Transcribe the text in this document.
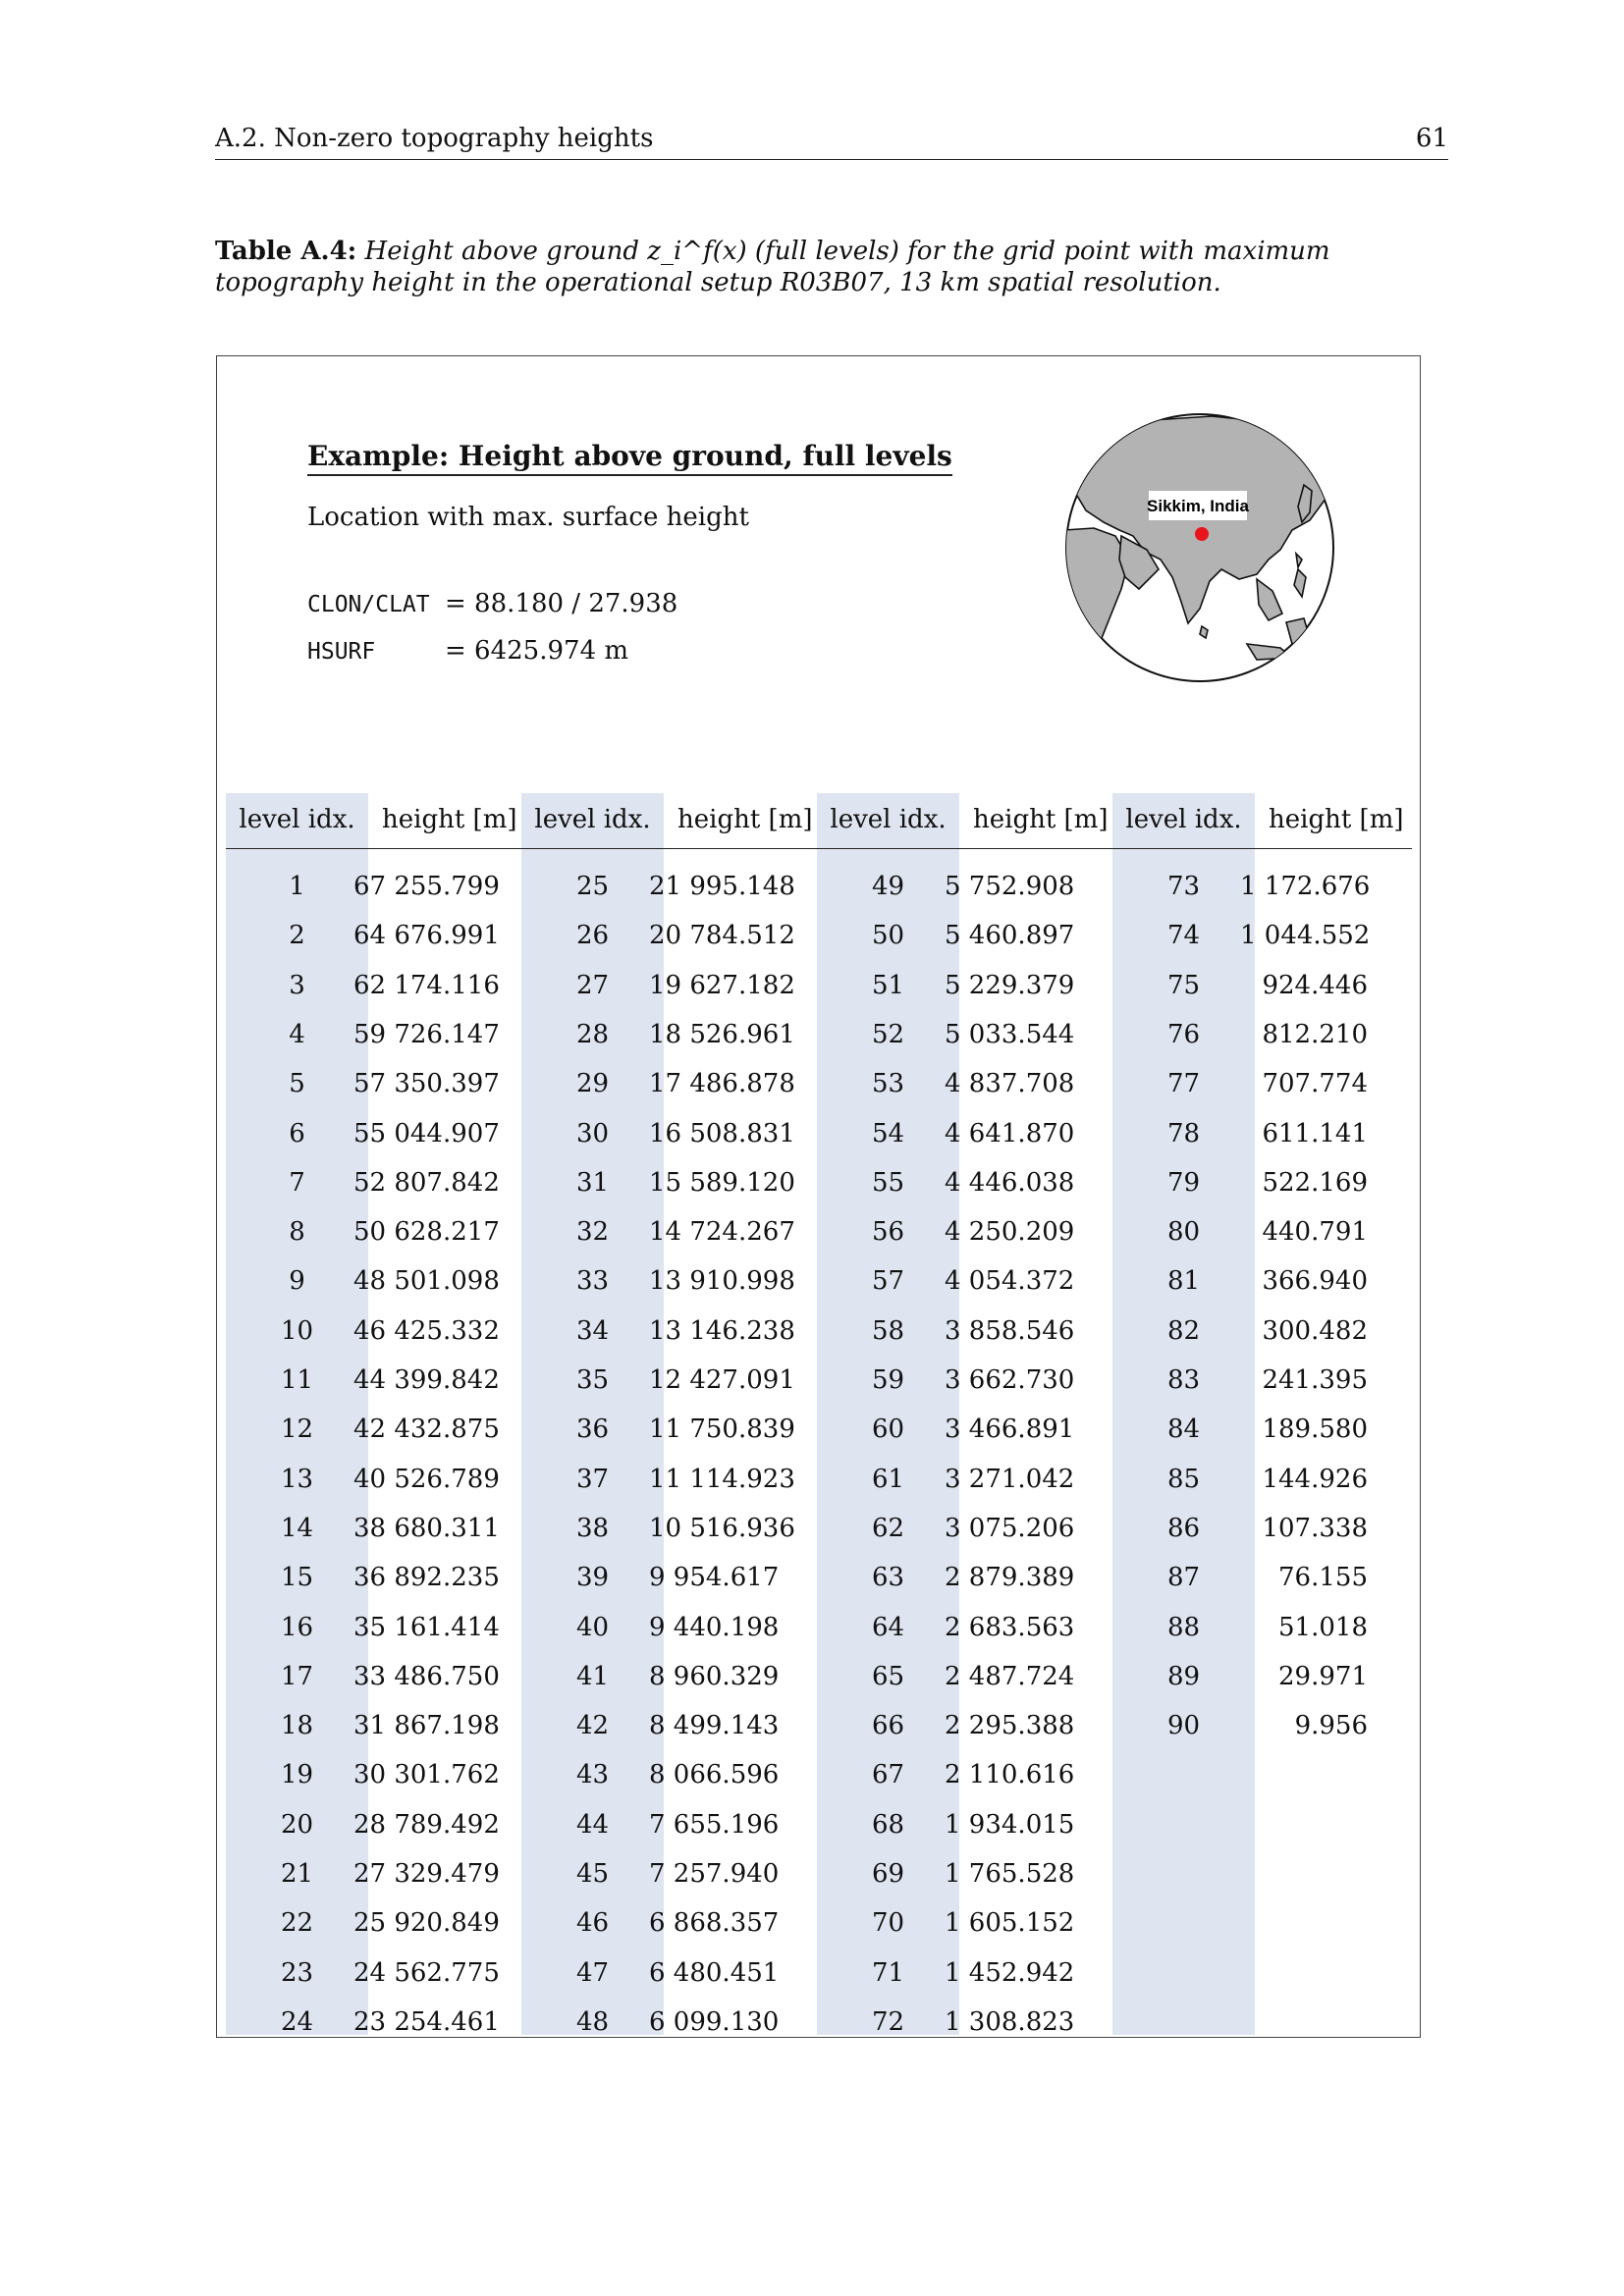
A.2. Non-zero topography heights	61
Table A.4: Height above ground z_i^f(x) (full levels) for the grid point with maximum topography height in the operational setup R03B07, 13 km spatial resolution.
Example: Height above ground, full levels
Location with max. surface height
CLON/CLAT = 88.180 / 27.938
HSURF	= 6425.974 m
Sikkim, India
level idx.	height [m] level idx.	height [m] level idx.	height [m] level idx.	height [m]
1	67 255.799	25	21 995.148	49	5 752.908	73	1 172.676
2	64 676.991	26	20 784.512	50	5 460.897	74	1 044.552
3	62 174.116	27	19 627.182	51	5 229.379	75	924.446
4	59 726.147	28	18 526.961	52	5 033.544	76	812.210
5	57 350.397	29	17 486.878	53	4 837.708	77	707.774
6	55 044.907	30	16 508.831	54	4 641.870	78	611.141
7	52 807.842	31	15 589.120	55	4 446.038	79	522.169
8	50 628.217	32	14 724.267	56	4 250.209	80	440.791
9	48 501.098	33	13 910.998	57	4 054.372	81	366.940
10	46 425.332	34	13 146.238	58	3 858.546	82	300.482
11	44 399.842	35	12 427.091	59	3 662.730	83	241.395
12	42 432.875	36	11 750.839	60	3 466.891	84	189.580
13	40 526.789	37	11 114.923	61	3 271.042	85	144.926
14	38 680.311	38	10 516.936	62	3 075.206	86	107.338
15	36 892.235	39	9 954.617	63	2 879.389	87	76.155
16	35 161.414	40	9 440.198	64	2 683.563	88	51.018
17	33 486.750	41	8 960.329	65	2 487.724	89	29.971
18	31 867.198	42	8 499.143	66	2 295.388	90	9.956
19	30 301.762	43	8 066.596	67	2 110.616
20	28 789.492	44	7 655.196	68	1 934.015
21	27 329.479	45	7 257.940	69	1 765.528
22	25 920.849	46	6 868.357	70	1 605.152
23	24 562.775	47	6 480.451	71	1 452.942
24	23 254.461	48	6 099.130	72	1 308.823
